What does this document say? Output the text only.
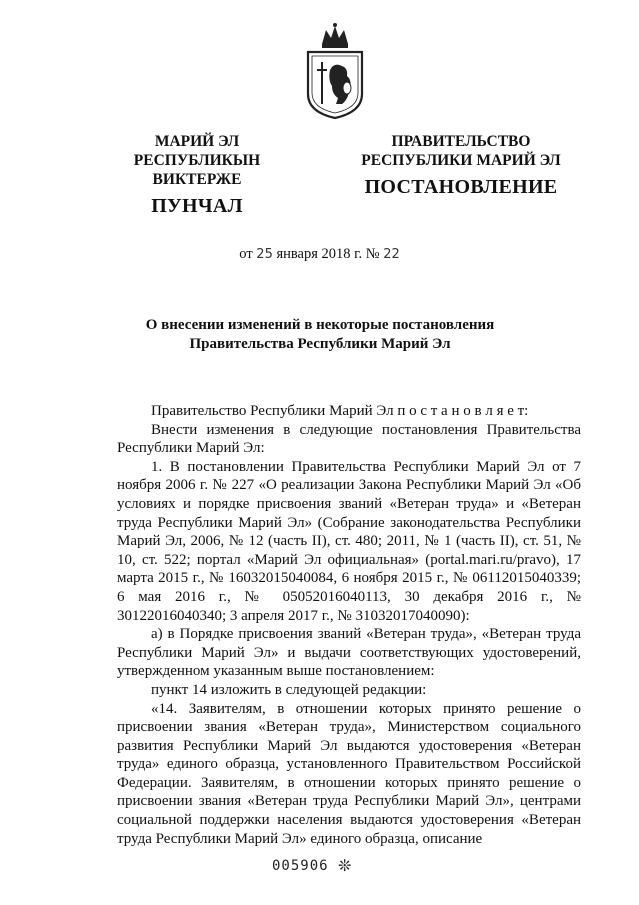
МАРИЙ ЭЛ РЕСПУБЛИКЫН
ВИКТЕРЖЕ
ПУНЧАЛ
ПРАВИТЕЛЬСТВО
РЕСПУБЛИКИ МАРИЙ ЭЛ
ПОСТАНОВЛЕНИЕ
от 25 января 2018 г. № 22
О внесении изменений в некоторые постановления
Правительства Республики Марий Эл

Правительство Республики Марий Эл п о с т а н о в л я е т:

Внести изменения в следующие постановления Правительства Республики Марий Эл:

1. В постановлении Правительства Республики Марий Эл от 7 ноября 2006 г. № 227 «О реализации Закона Республики Марий Эл «Об условиях и порядке присвоения званий «Ветеран труда» и «Ветеран труда Республики Марий Эл» (Собрание законодательства Республики Марий Эл, 2006, № 12 (часть II), ст. 480; 2011, № 1 (часть II), ст. 51, № 10, ст. 522; портал «Марий Эл официальная» (portal.mari.ru/pravo), 17 марта 2015 г., № 16032015040084, 6 ноября 2015 г., № 06112015040339; 6 мая 2016 г., № 05052016040113, 30 декабря 2016 г., № 30122016040340; 3 апреля 2017 г., № 31032017040090):

а) в Порядке присвоения званий «Ветеран труда», «Ветеран труда Республики Марий Эл» и выдачи соответствующих удостоверений, утвержденном указанным выше постановлением:

пункт 14 изложить в следующей редакции:

«14. Заявителям, в отношении которых принято решение о присвоении звания «Ветеран труда», Министерством социального развития Республики Марий Эл выдаются удостоверения «Ветеран труда» единого образца, установленного Правительством Российской Федерации. Заявителям, в отношении которых принято решение о присвоении звания «Ветеран труда Республики Марий Эл», центрами социальной поддержки населения выдаются удостоверения «Ветеран труда Республики Марий Эл» единого образца, описание

005906 ❊
